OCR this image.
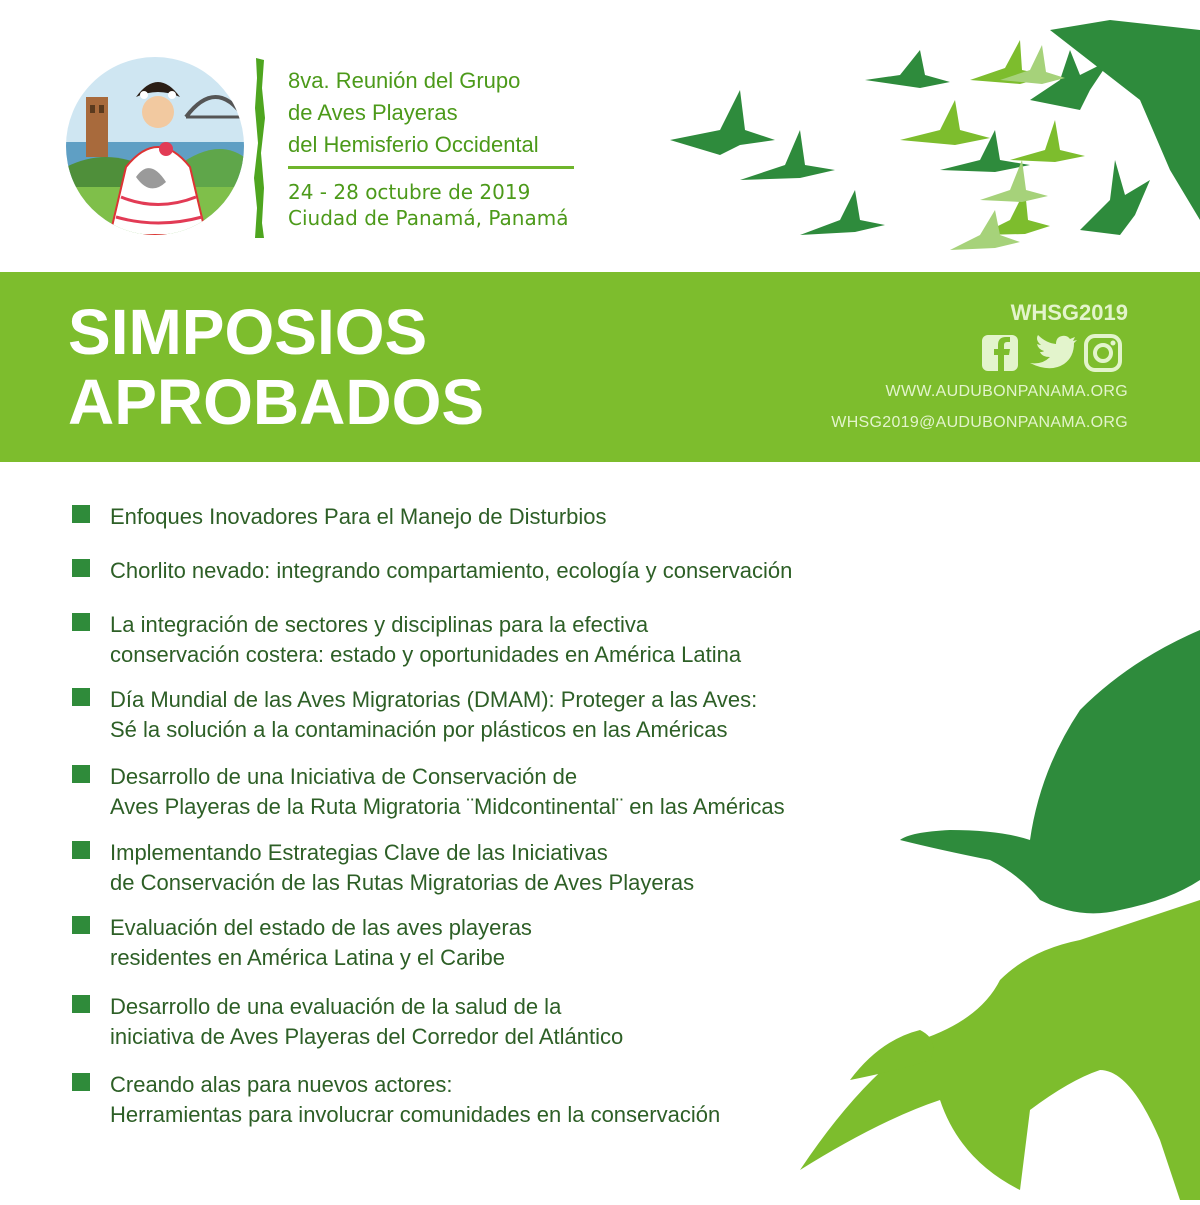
8va. Reunión del Grupo
de Aves Playeras
del Hemisferio Occidental
24 - 28 octubre de 2019
Ciudad de Panamá, Panamá
SIMPOSIOS
APROBADOS
WHSG2019
WWW.AUDUBONPANAMA.ORG
WHSG2019@AUDUBONPANAMA.ORG
Enfoques Inovadores Para el Manejo de Disturbios
Chorlito nevado: integrando compartamiento, ecología y conservación
La integración de sectores y disciplinas para la efectiva
conservación costera: estado y oportunidades en América Latina
Día Mundial de las Aves Migratorias (DMAM): Proteger a las Aves:
Sé la solución a la contaminación por plásticos en las Américas
Desarrollo de una Iniciativa de Conservación de
Aves Playeras de la Ruta Migratoria ¨Midcontinental¨ en las Américas
Implementando Estrategias Clave de las Iniciativas
de Conservación de las Rutas Migratorias de Aves Playeras
Evaluación del estado de las aves playeras
residentes en América Latina y el Caribe
Desarrollo de una evaluación de la salud de la
iniciativa de Aves Playeras del Corredor del Atlántico
Creando alas para nuevos actores:
Herramientas para involucrar comunidades en la conservación
